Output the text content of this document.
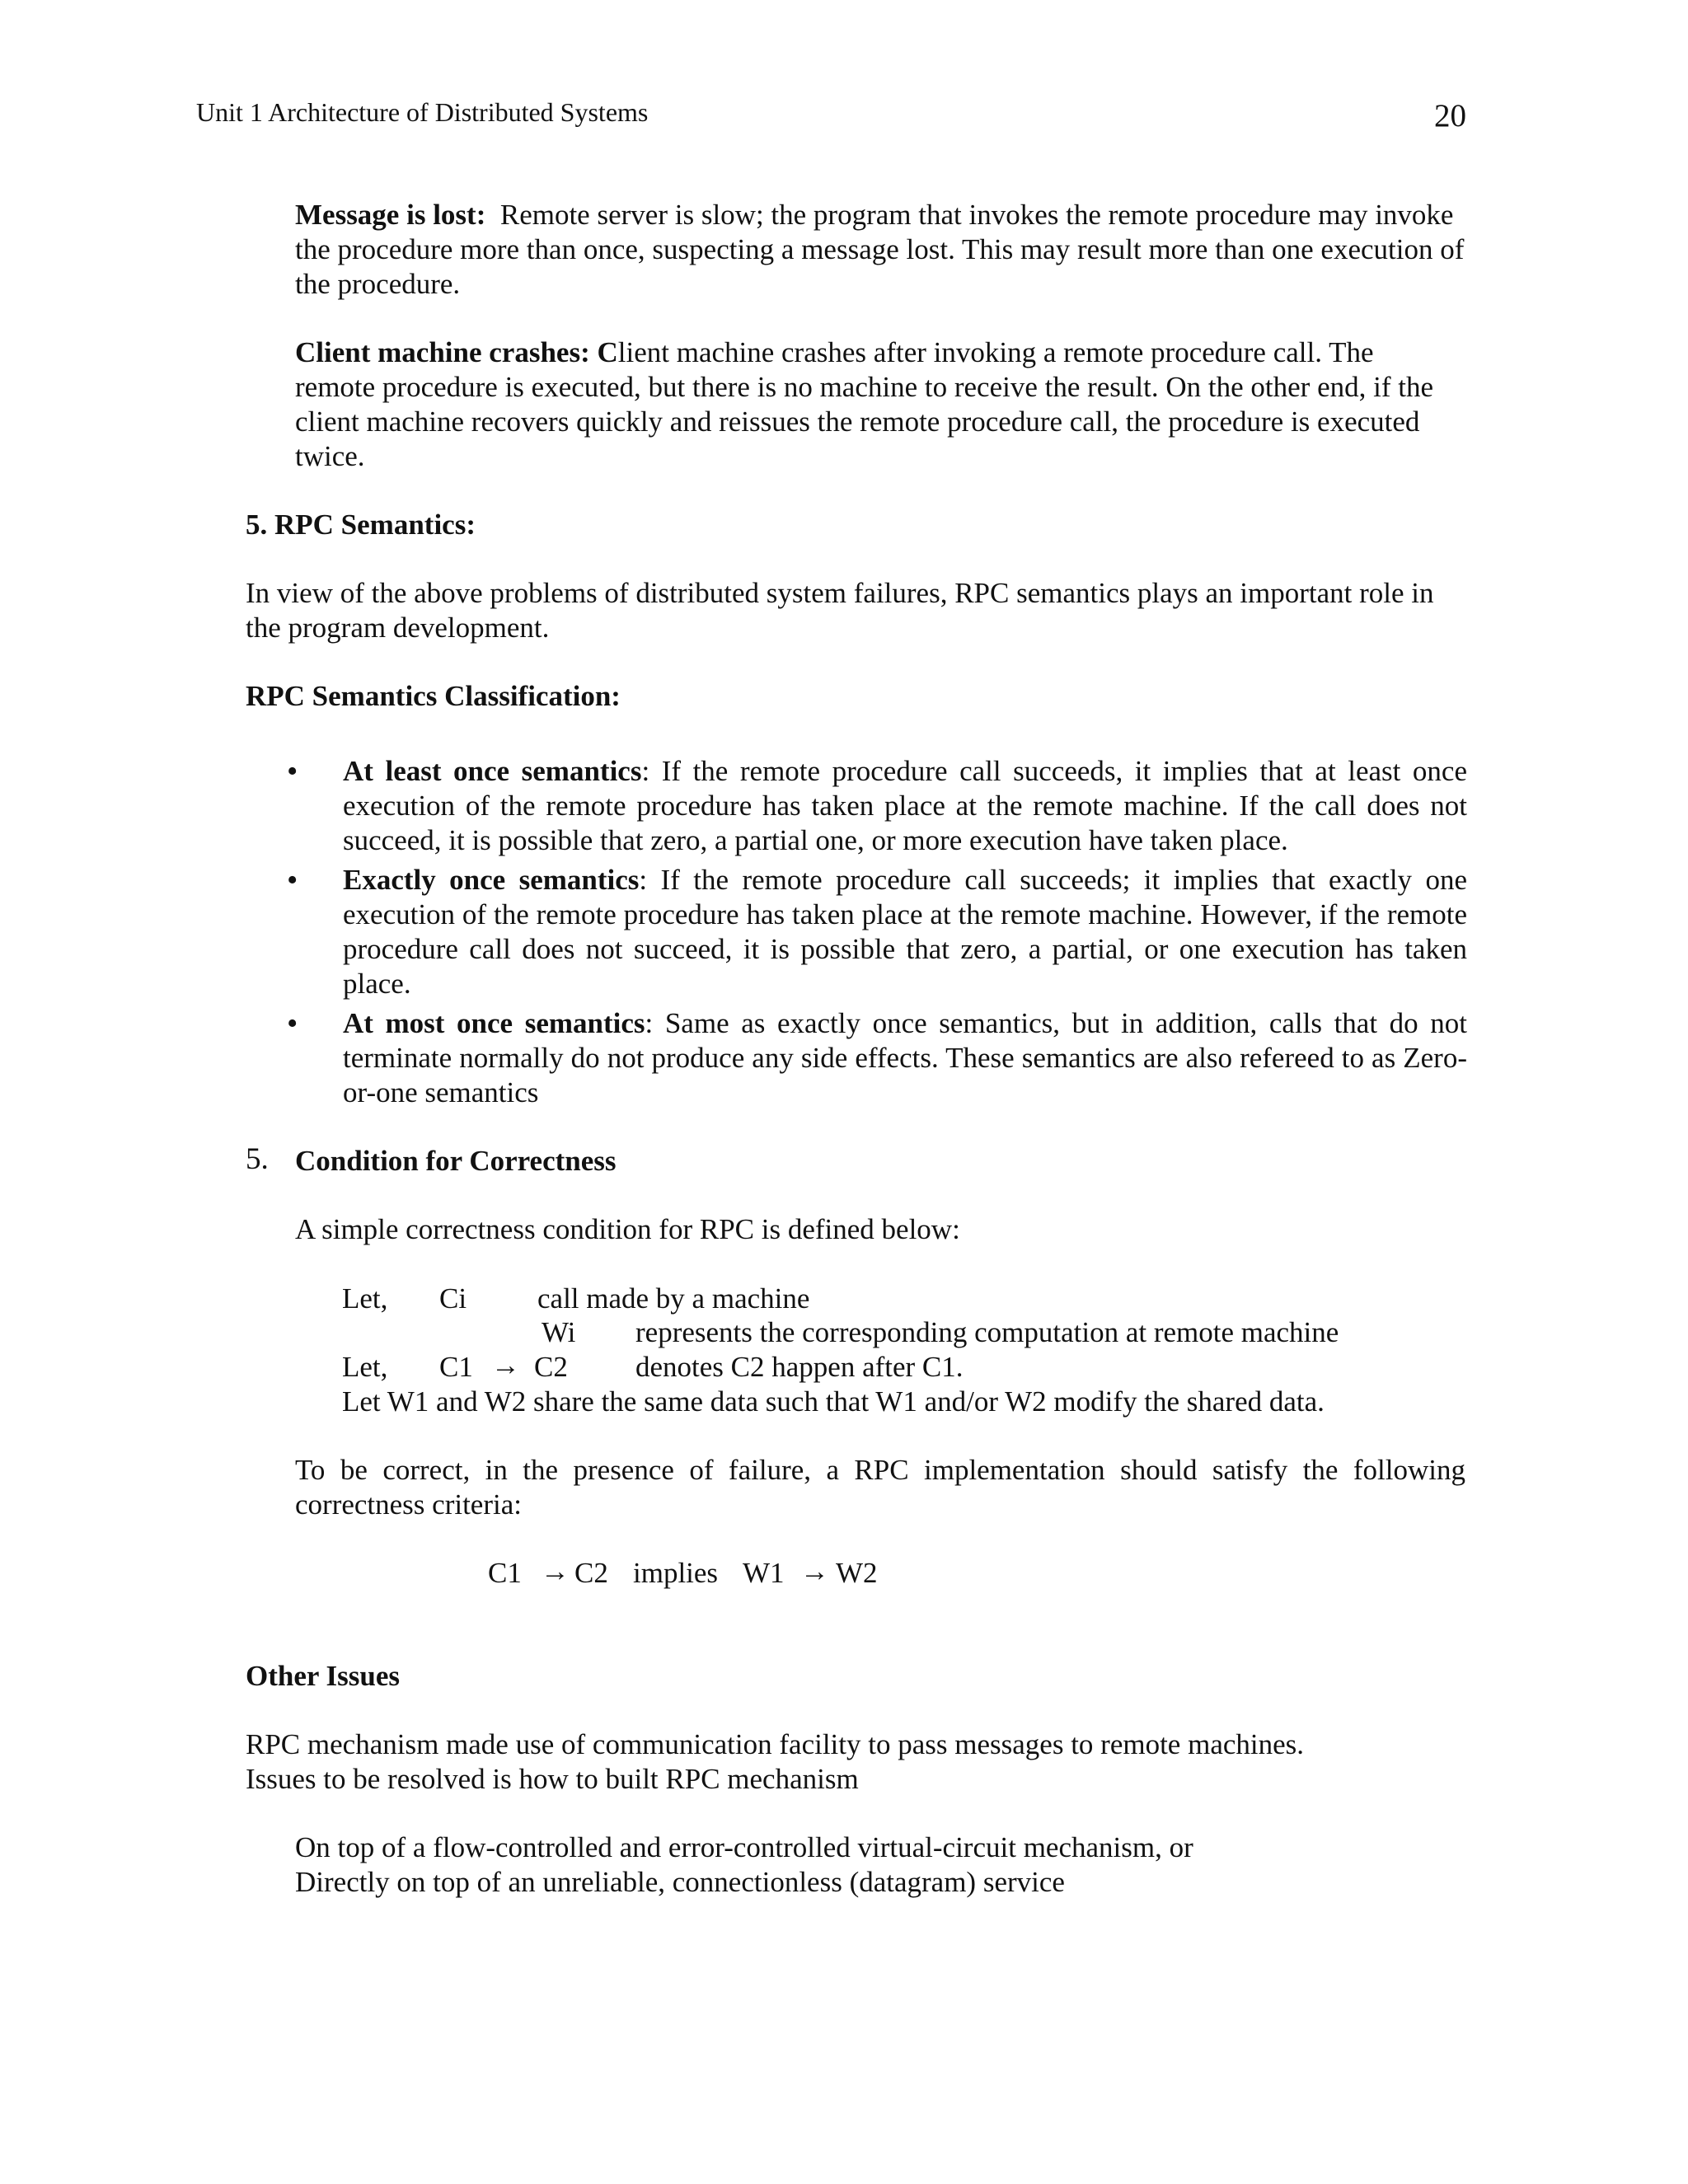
Unit 1 Architecture of Distributed Systems	20
Message is lost: Remote server is slow; the program that invokes the remote procedure may invoke the procedure more than once, suspecting a message lost. This may result more than one execution of the procedure.
Client machine crashes: Client machine crashes after invoking a remote procedure call. The remote procedure is executed, but there is no machine to receive the result. On the other end, if the client machine recovers quickly and reissues the remote procedure call, the procedure is executed twice.
5. RPC Semantics:
In view of the above problems of distributed system failures, RPC semantics plays an important role in the program development.
RPC Semantics Classification:
• At least once semantics: If the remote procedure call succeeds, it implies that at least once execution of the remote procedure has taken place at the remote machine. If the call does not succeed, it is possible that zero, a partial one, or more execution have taken place.
• Exactly once semantics: If the remote procedure call succeeds; it implies that exactly one execution of the remote procedure has taken place at the remote machine. However, if the remote procedure call does not succeed, it is possible that zero, a partial, or one execution has taken place.
• At most once semantics: Same as exactly once semantics, but in addition, calls that do not terminate normally do not produce any side effects. These semantics are also refereed to as Zero-or-one semantics
5. Condition for Correctness
A simple correctness condition for RPC is defined below:
Let, Ci call made by a machine
Wi represents the corresponding computation at remote machine
Let, C1 → C2 denotes C2 happen after C1.
Let W1 and W2 share the same data such that W1 and/or W2 modify the shared data.
To be correct, in the presence of failure, a RPC implementation should satisfy the following correctness criteria:
C1 → C2 implies W1 → W2
Other Issues
RPC mechanism made use of communication facility to pass messages to remote machines.
Issues to be resolved is how to built RPC mechanism
On top of a flow-controlled and error-controlled virtual-circuit mechanism, or
Directly on top of an unreliable, connectionless (datagram) service
